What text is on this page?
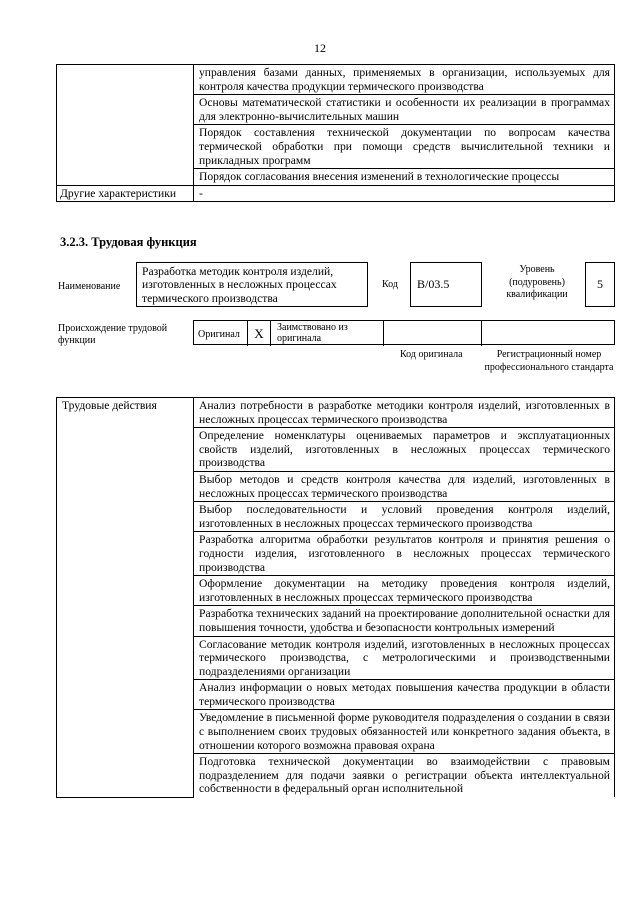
12

	управления базами данных, применяемых в организации, используемых для контроля качества продукции термического производства

	Основы математической статистики и особенности их реализации в программах для электронно-вычислительных машин

	Порядок составления технической документации по вопросам качества термической обработки при помощи средств вычислительной техники и прикладных программ

	Порядок согласования внесения изменений в технологические процессы

Другие характеристики	-
3.2.3. Трудовая функция
Наименование
Разработка методик контроля изделий, изготовленных в несложных процессах термического производства
Код	B/03.5
Уровень (подуровень) квалификации
5
Происхождение трудовой функции
Оригинал	X	Заимствовано из оригинала
Код оригинала	Регистрационный номер профессионального стандарта
Трудовые действия	Анализ потребности в разработке методики контроля изделий, изготовленных в несложных процессах термического производства

Определение номенклатуры оцениваемых параметров и эксплуатационных свойств изделий, изготовленных в несложных процессах термического производства

Выбор методов и средств контроля качества для изделий, изготовленных в несложных процессах термического производства

Выбор последовательности и условий проведения контроля изделий, изготовленных в несложных процессах термического производства

Разработка алгоритма обработки результатов контроля и принятия решения о годности изделия, изготовленного в несложных процессах термического производства

Оформление документации на методику проведения контроля изделий, изготовленных в несложных процессах термического производства

Разработка технических заданий на проектирование дополнительной оснастки для повышения точности, удобства и безопасности контрольных измерений

Согласование методик контроля изделий, изготовленных в несложных процессах термического производства, с метрологическими и производственными подразделениями организации

Анализ информации о новых методах повышения качества продукции в области термического производства

Уведомление в письменной форме руководителя подразделения о создании в связи с выполнением своих трудовых обязанностей или конкретного задания объекта, в отношении которого возможна правовая охрана

Подготовка технической документации во взаимодействии с правовым подразделением для подачи заявки о регистрации объекта интеллектуальной собственности в федеральный орган исполнительной
